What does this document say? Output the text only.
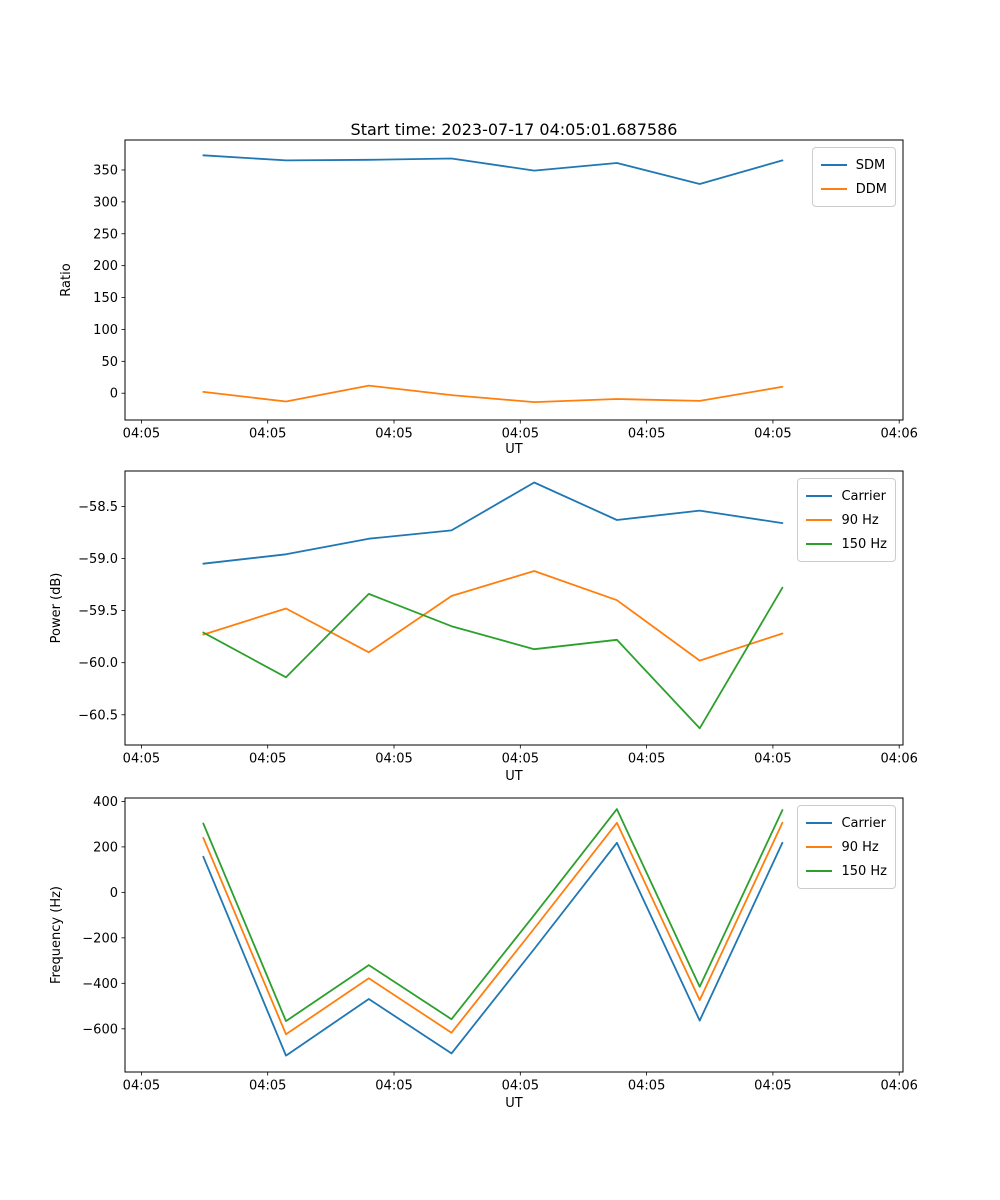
04:05	04:05	04:05	04:05	04:05	04:05	04:06
0
50
100
150
200
250
300
350
04:05	04:05	04:05	04:05	04:05	04:05	04:06
−58.5
−59.0
−59.5
−60.0
−60.5
04:05	04:05	04:05	04:05	04:05	04:05	04:06
400
200
0
−200
−400
−600
Start time: 2023-07-17 04:05:01.687586
Ratio
Power (dB)
Frequency (Hz)
UT
UT
UT
SDM
DDM
Carrier
90 Hz
150 Hz
Carrier
90 Hz
150 Hz
